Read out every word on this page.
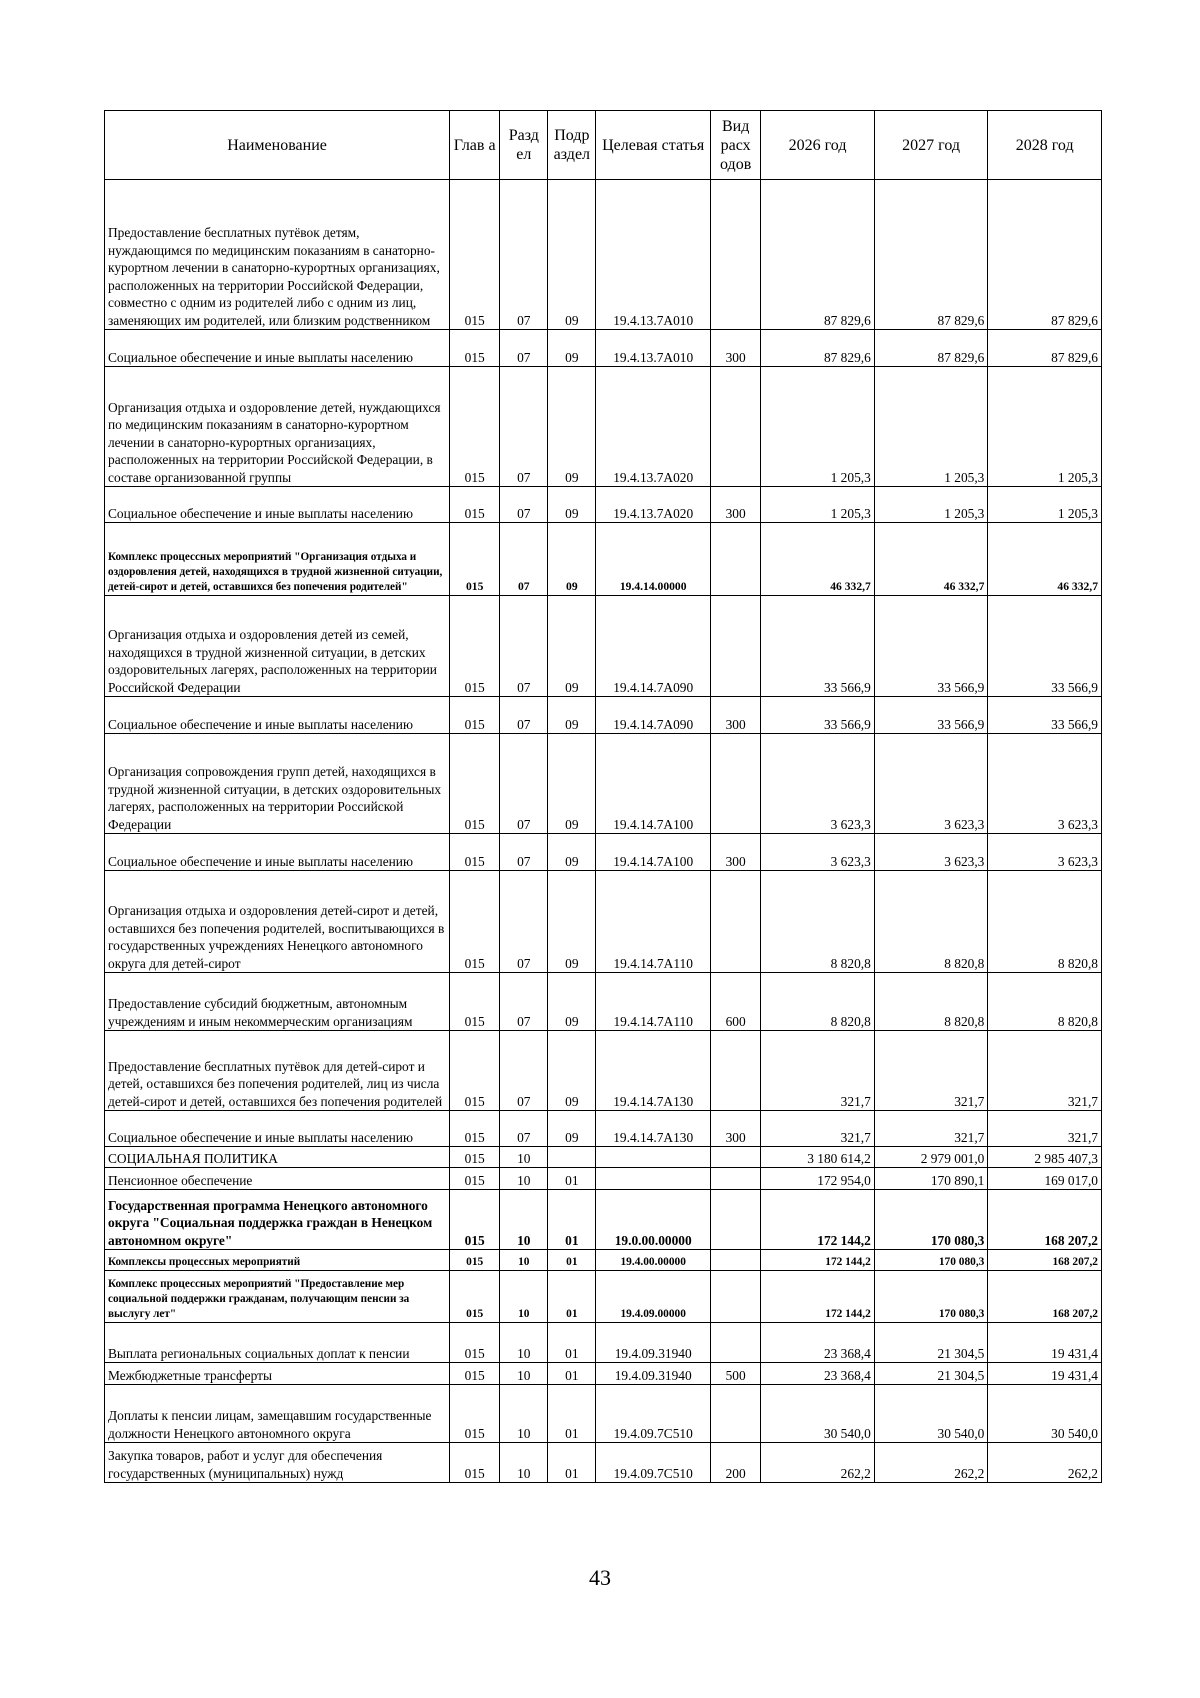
Наименование	Глав а	Разд ел	Подр аздел	Целевая статья	Вид расх одов	2026 год	2027 год	2028 год
Предоставление бесплатных путёвок детям, нуждающимся по медицинским показаниям в санаторно-курортном лечении в санаторно-курортных организациях, расположенных на территории Российской Федерации, совместно с одним из родителей либо с одним из лиц, заменяющих им родителей, или близким родственником	015	07	09	19.4.13.7А010		87 829,6	87 829,6	87 829,6
Социальное обеспечение и иные выплаты населению	015	07	09	19.4.13.7А010	300	87 829,6	87 829,6	87 829,6
Организация отдыха и оздоровление детей, нуждающихся по медицинским показаниям в санаторно-курортном лечении в санаторно-курортных организациях, расположенных на территории Российской Федерации, в составе организованной группы	015	07	09	19.4.13.7А020		1 205,3	1 205,3	1 205,3
Социальное обеспечение и иные выплаты населению	015	07	09	19.4.13.7А020	300	1 205,3	1 205,3	1 205,3
Комплекс процессных мероприятий "Организация отдыха и оздоровления детей, находящихся в трудной жизненной ситуации, детей-сирот и детей, оставшихся без попечения родителей"	015	07	09	19.4.14.00000		46 332,7	46 332,7	46 332,7
Организация отдыха и оздоровления детей из семей, находящихся в трудной жизненной ситуации, в детских оздоровительных лагерях, расположенных на территории Российской Федерации	015	07	09	19.4.14.7А090		33 566,9	33 566,9	33 566,9
Социальное обеспечение и иные выплаты населению	015	07	09	19.4.14.7А090	300	33 566,9	33 566,9	33 566,9
Организация сопровождения групп детей, находящихся в трудной жизненной ситуации, в детских оздоровительных лагерях, расположенных на территории Российской Федерации	015	07	09	19.4.14.7А100		3 623,3	3 623,3	3 623,3
Социальное обеспечение и иные выплаты населению	015	07	09	19.4.14.7А100	300	3 623,3	3 623,3	3 623,3
Организация отдыха и оздоровления детей-сирот и детей, оставшихся без попечения родителей, воспитывающихся в государственных учреждениях Ненецкого автономного округа для детей-сирот	015	07	09	19.4.14.7А110		8 820,8	8 820,8	8 820,8
Предоставление субсидий бюджетным, автономным учреждениям и иным некоммерческим организациям	015	07	09	19.4.14.7А110	600	8 820,8	8 820,8	8 820,8
Предоставление бесплатных путёвок для детей-сирот и детей, оставшихся без попечения родителей, лиц из числа детей-сирот и детей, оставшихся без попечения родителей	015	07	09	19.4.14.7А130		321,7	321,7	321,7
Социальное обеспечение и иные выплаты населению	015	07	09	19.4.14.7А130	300	321,7	321,7	321,7
СОЦИАЛЬНАЯ ПОЛИТИКА	015	10				3 180 614,2	2 979 001,0	2 985 407,3
Пенсионное обеспечение	015	10	01			172 954,0	170 890,1	169 017,0
Государственная программа Ненецкого автономного округа "Социальная поддержка граждан в Ненецком автономном округе"	015	10	01	19.0.00.00000		172 144,2	170 080,3	168 207,2
Комплексы процессных мероприятий	015	10	01	19.4.00.00000		172 144,2	170 080,3	168 207,2
Комплекс процессных мероприятий "Предоставление мер социальной поддержки гражданам, получающим пенсии за выслугу лет"	015	10	01	19.4.09.00000		172 144,2	170 080,3	168 207,2
Выплата региональных социальных доплат к пенсии	015	10	01	19.4.09.31940		23 368,4	21 304,5	19 431,4
Межбюджетные трансферты	015	10	01	19.4.09.31940	500	23 368,4	21 304,5	19 431,4
Доплаты к пенсии лицам, замещавшим государственные должности Ненецкого автономного округа	015	10	01	19.4.09.7С510		30 540,0	30 540,0	30 540,0
Закупка товаров, работ и услуг для обеспечения государственных (муниципальных) нужд	015	10	01	19.4.09.7С510	200	262,2	262,2	262,2
43
